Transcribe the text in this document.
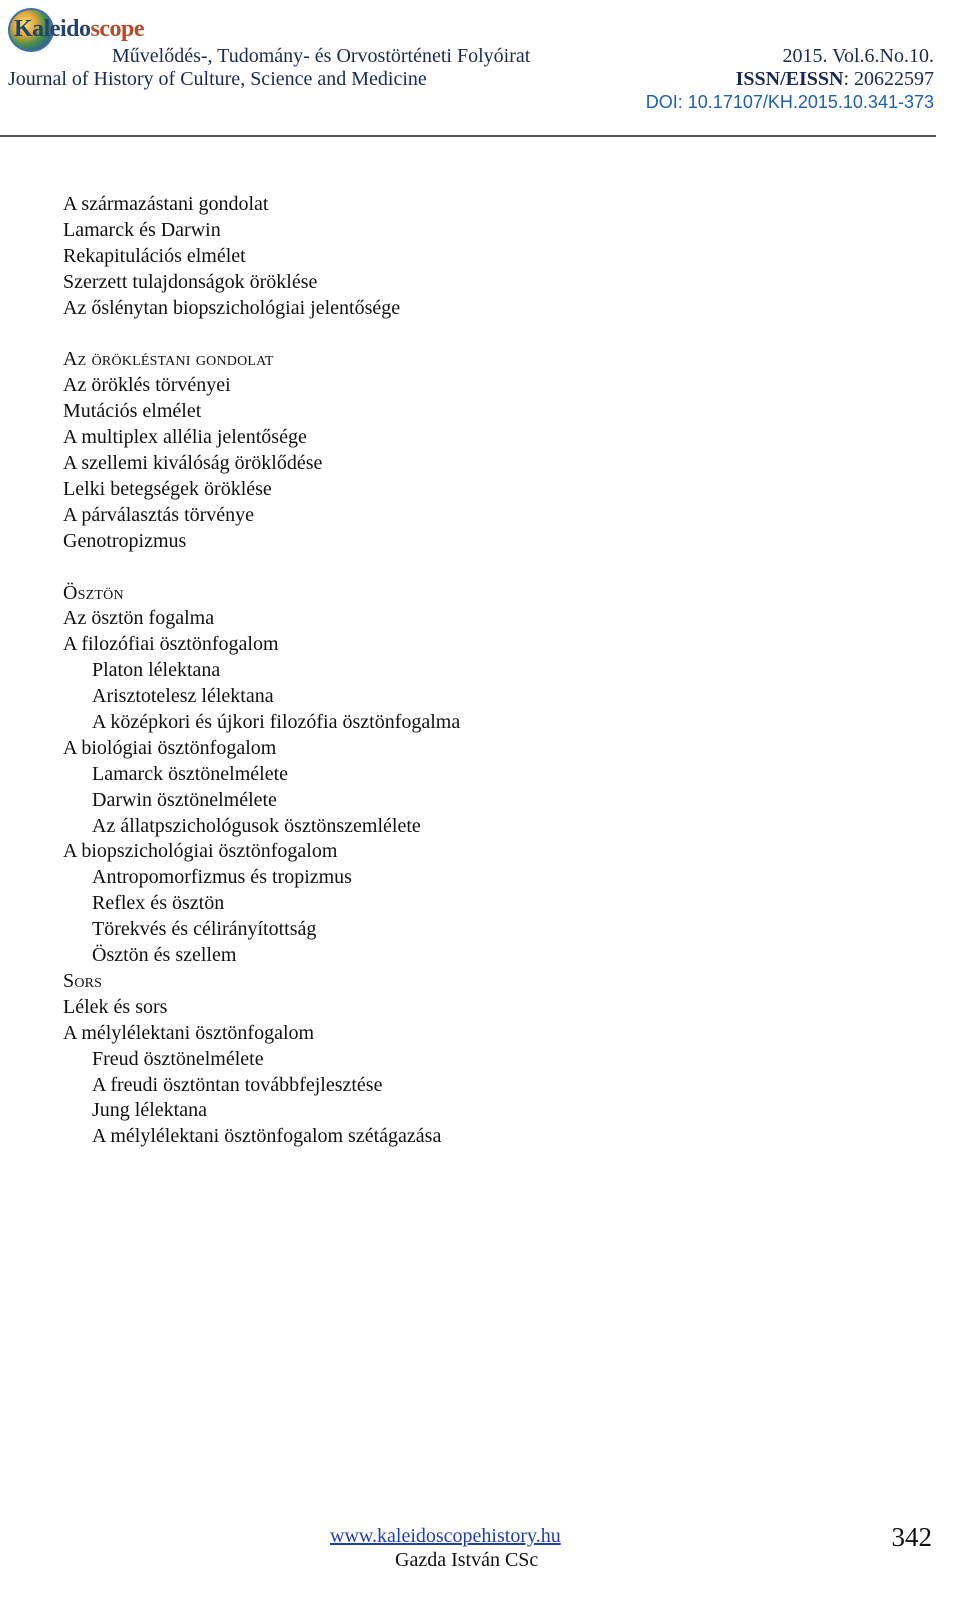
Kaleidoscope
Művelődés-, Tudomány- és Orvostörténeti Folyóirat
Journal of History of Culture, Science and Medicine
2015. Vol.6.No.10.
ISSN/EISSN: 20622597
DOI: 10.17107/KH.2015.10.341-373
A származástani gondolat
Lamarck és Darwin
Rekapitulációs elmélet
Szerzett tulajdonságok öröklése
Az őslénytan biopszichológiai jelentősége
Az örökléstani gondolat
Az öröklés törvényei
Mutációs elmélet
A multiplex allélia jelentősége
A szellemi kiválóság öröklődése
Lelki betegségek öröklése
A párválasztás törvénye
Genotropizmus
Ösztön
Az ösztön fogalma
A filozófiai ösztönfogalom
Platon lélektana
Arisztotelesz lélektana
A középkori és újkori filozófia ösztönfogalma
A biológiai ösztönfogalom
Lamarck ösztönelmélete
Darwin ösztönelmélete
Az állatpszichológusok ösztönszemlélete
A biopszichológiai ösztönfogalom
Antropomorfizmus és tropizmus
Reflex és ösztön
Törekvés és célirányítottság
Ösztön és szellem
Sors
Lélek és sors
A mélylélektani ösztönfogalom
Freud ösztönelmélete
A freudi ösztöntan továbbfejlesztése
Jung lélektana
A mélylélektani ösztönfogalom szétágazása
www.kaleidoscopehistory.hu
Gazda István CSc
342
